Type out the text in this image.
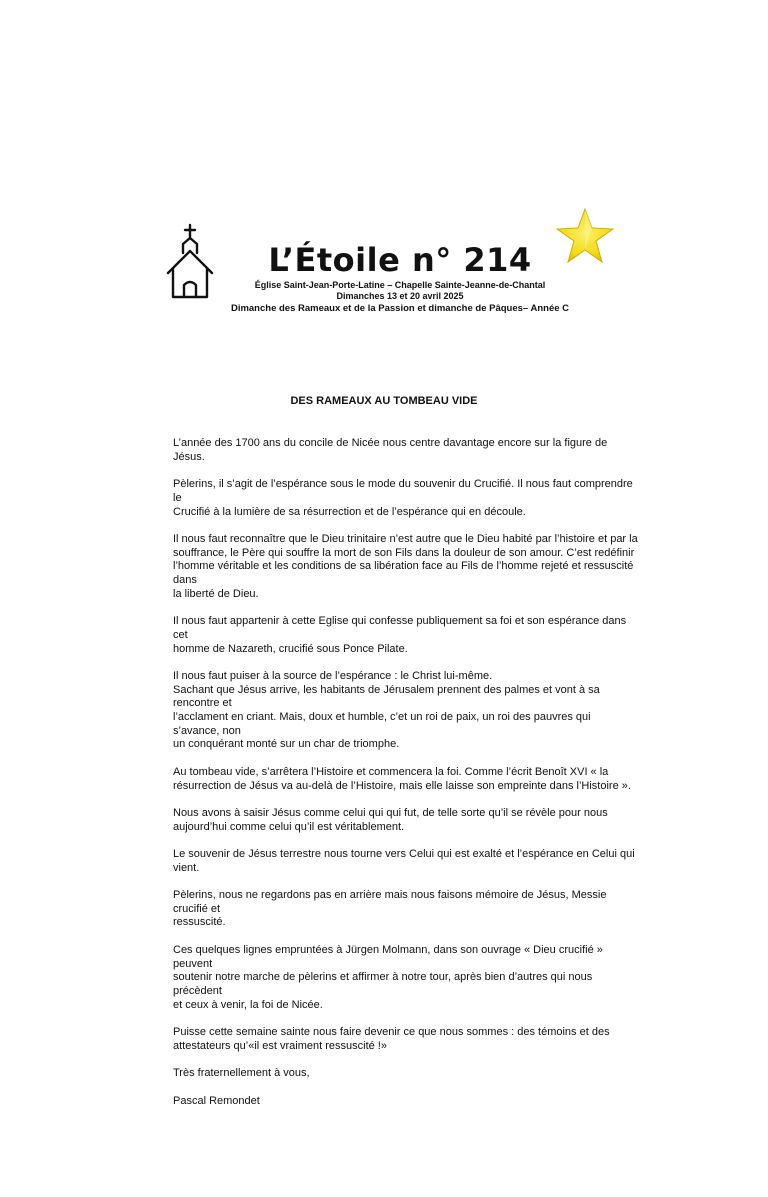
L’Étoile n° 214
Église Saint-Jean-Porte-Latine – Chapelle Sainte-Jeanne-de-Chantal
Dimanches 13 et 20 avril 2025
Dimanche des Rameaux et de la Passion et dimanche de Pâques– Année C
DES RAMEAUX AU TOMBEAU VIDE

L’année des 1700 ans du concile de Nicée nous centre davantage encore sur la figure de Jésus.

Pèlerins, il s’agit de l’espérance sous le mode du souvenir du Crucifié. Il nous faut comprendre le
Crucifié à la lumière de sa résurrection et de l’espérance qui en découle.

Il nous faut reconnaître que le Dieu trinitaire n’est autre que le Dieu habité par l’histoire et par la
souffrance, le Père qui souffre la mort de son Fils dans la douleur de son amour. C’est redéfinir
l’homme véritable et les conditions de sa libération face au Fils de l’homme rejeté et ressuscité dans
la liberté de Dieu.

Il nous faut appartenir à cette Eglise qui confesse publiquement sa foi et son espérance dans cet
homme de Nazareth, crucifié sous Ponce Pilate.

Il nous faut puiser à la source de l’espérance : le Christ lui-même.
Sachant que Jésus arrive, les habitants de Jérusalem prennent des palmes et vont à sa rencontre et
l’acclament en criant. Mais, doux et humble, c’et un roi de paix, un roi des pauvres qui s’avance, non
un conquérant monté sur un char de triomphe.

Au tombeau vide, s’arrêtera l’Histoire et commencera la foi. Comme l’écrit Benoît XVI « la
résurrection de Jésus va au-delà de l’Histoire, mais elle laisse son empreinte dans l’Histoire ».

Nous avons à saisir Jésus comme celui qui qui fut, de telle sorte qu’il se révèle pour nous
aujourd’hui comme celui qu’il est véritablement.

Le souvenir de Jésus terrestre nous tourne vers Celui qui est exalté et l’espérance en Celui qui vient.

Pèlerins, nous ne regardons pas en arrière mais nous faisons mémoire de Jésus, Messie crucifié et
ressuscité.

Ces quelques lignes empruntées à Jürgen Molmann, dans son ouvrage « Dieu crucifié » peuvent
soutenir notre marche de pèlerins et affirmer à notre tour, après bien d’autres qui nous précèdent
et ceux à venir, la foi de Nicée.

Puisse cette semaine sainte nous faire devenir ce que nous sommes : des témoins et des
attestateurs qu’«il est vraiment ressuscité !»

Très fraternellement à vous,

Pascal Remondet
